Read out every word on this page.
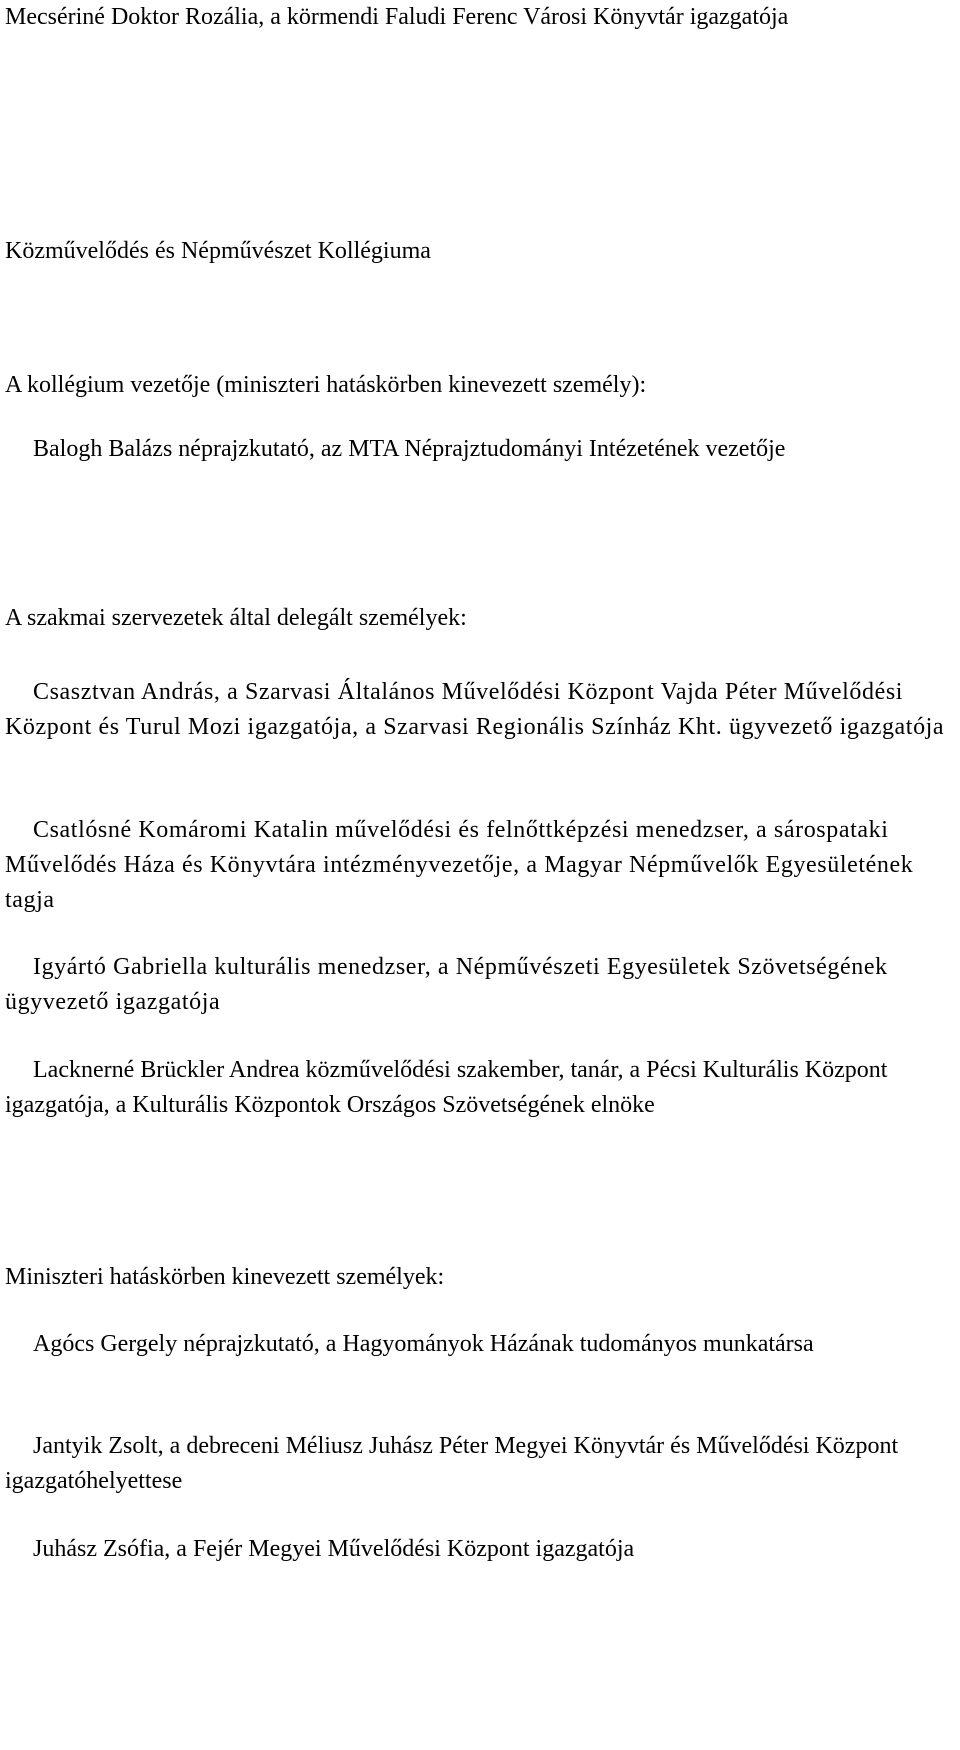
Mecsériné Doktor Rozália, a körmendi Faludi Ferenc Városi Könyvtár igazgatója

Közművelődés és Népművészet Kollégiuma

A kollégium vezetője (miniszteri hatáskörben kinevezett személy):

Balogh Balázs néprajzkutató, az MTA Néprajztudományi Intézetének vezetője

A szakmai szervezetek által delegált személyek:

Csasztvan András, a Szarvasi Általános Művelődési Központ Vajda Péter Művelődési Központ és Turul Mozi igazgatója, a Szarvasi Regionális Színház Kht. ügyvezető igazgatója

Csatlósné Komáromi Katalin művelődési és felnőttképzési menedzser, a sárospataki Művelődés Háza és Könyvtára intézményvezetője, a Magyar Népművelők Egyesületének tagja

Igyártó Gabriella kulturális menedzser, a Népművészeti Egyesületek Szövetségének ügyvezető igazgatója

Lacknerné Brückler Andrea közművelődési szakember, tanár, a Pécsi Kulturális Központ igazgatója, a Kulturális Központok Országos Szövetségének elnöke

Miniszteri hatáskörben kinevezett személyek:

Agócs Gergely néprajzkutató, a Hagyományok Házának tudományos munkatársa

Jantyik Zsolt, a debreceni Méliusz Juhász Péter Megyei Könyvtár és Művelődési Központ igazgatóhelyettese

Juhász Zsófia, a Fejér Megyei Művelődési Központ igazgatója
